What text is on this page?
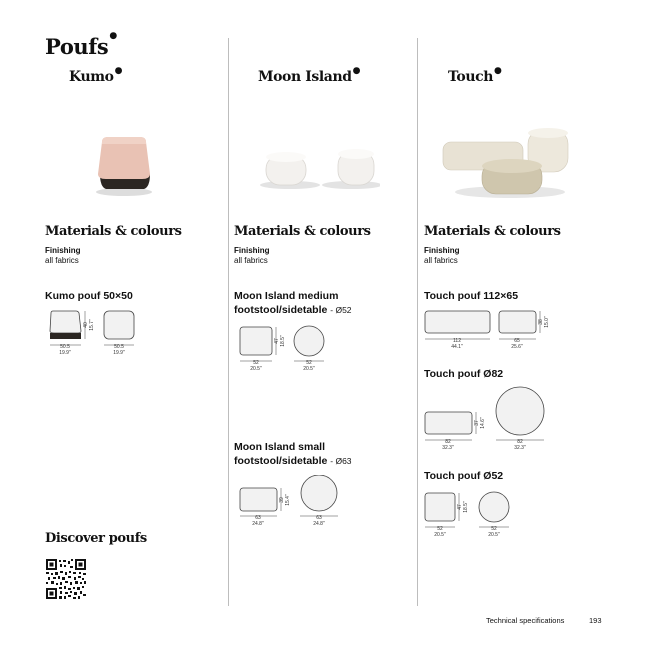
Poufs●
Kumo●	Moon Island●	Touch●
Materials & colours
Finishing
all fabrics
Materials & colours
Finishing
all fabrics
Materials & colours
Finishing
all fabrics
Kumo pouf 50×50	Moon Island medium footstool/sidetable - Ø52
Moon Island small footstool/sidetable - Ø63
Touch pouf 112×65
Touch pouf Ø82
Touch pouf Ø52
50.5
19.9"
40 15.7"
50.5
19.9"
52
20.5"
47 18.5"
52
20.5"
63
24.8"
39 15.4"
63
24.8"
112
44.1"
65
25.6"
38 15.0"
82
32.3"
37 14.6"
82
32.3"
52
20.5"
47 18.5"
52
20.5"
Discover poufs
Technical specifications	193
